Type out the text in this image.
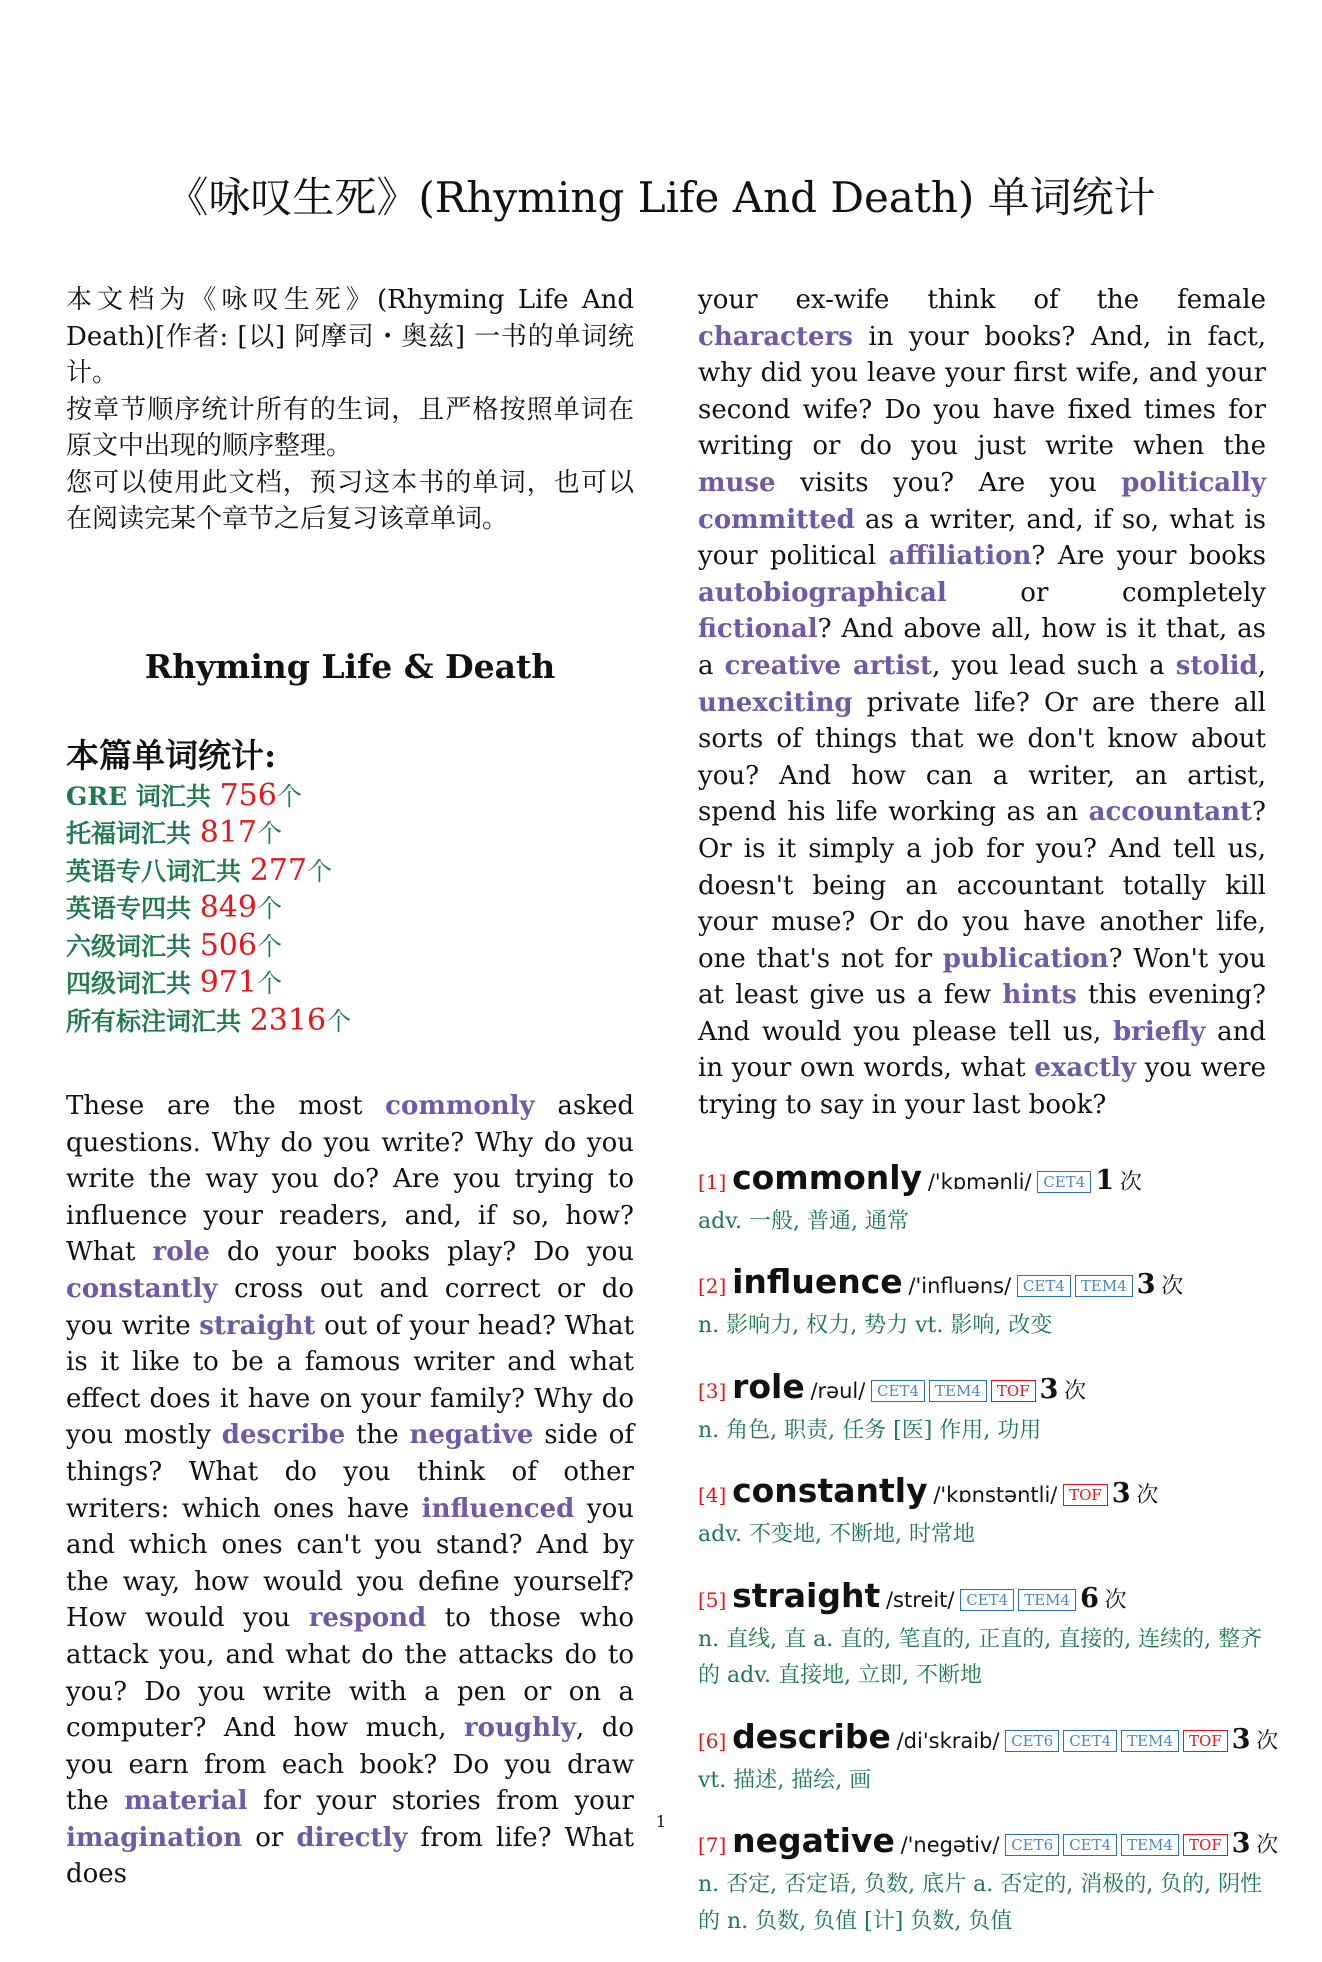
《咏叹生死》(Rhyming Life And Death) 单词统计

本文档为《咏叹生死》(Rhyming Life And Death)[作者: [以] 阿摩司・奥兹] 一书的单词统计。

按章节顺序统计所有的生词，且严格按照单词在原文中出现的顺序整理。

您可以使用此文档，预习这本书的单词，也可以在阅读完某个章节之后复习该章单词。

Rhyming Life & Death
本篇单词统计:
GRE 词汇共 756个
托福词汇共 817个
英语专八词汇共 277个
英语专四共 849个
六级词汇共 506个
四级词汇共 971个
所有标注词汇共 2316个

These are the most commonly asked questions. Why do you write? Why do you write the way you do? Are you trying to influence your readers, and, if so, how? What role do your books play? Do you constantly cross out and correct or do you write straight out of your head? What is it like to be a famous writer and what effect does it have on your family? Why do you mostly describe the negative side of things? What do you think of other writers: which ones have influenced you and which ones can't you stand? And by the way, how would you define yourself? How would you respond to those who attack you, and what do the attacks do to you? Do you write with a pen or on a computer? And how much, roughly, do you earn from each book? Do you draw the material for your stories from your imagination or directly from life? What does

your ex-wife think of the female characters in your books? And, in fact, why did you leave your first wife, and your second wife? Do you have fixed times for writing or do you just write when the muse visits you? Are you politically committed as a writer, and, if so, what is your political affiliation? Are your books autobiographical or completely fictional? And above all, how is it that, as a creative artist, you lead such a stolid, unexciting private life? Or are there all sorts of things that we don't know about you? And how can a writer, an artist, spend his life working as an accountant? Or is it simply a job for you? And tell us, doesn't being an accountant totally kill your muse? Or do you have another life, one that's not for publication? Won't you at least give us a few hints this evening? And would you please tell us, briefly and in your own words, what exactly you were trying to say in your last book?

[1] commonly /'kɒmənli/ CET4 1 次
adv. 一般, 普通, 通常
[2] influence /'influəns/ CET4 TEM4 3 次
n. 影响力, 权力, 势力 vt. 影响, 改变
[3] role /rəul/ CET4 TEM4 TOF 3 次
n. 角色, 职责, 任务 [医] 作用, 功用
[4] constantly /'kɒnstəntli/ TOF 3 次
adv. 不变地, 不断地, 时常地
[5] straight /streit/ CET4 TEM4 6 次
n. 直线, 直 a. 直的, 笔直的, 正直的, 直接的, 连续的, 整齐的 adv. 直接地, 立即, 不断地
[6] describe /di'skraib/ CET6 CET4 TEM4 TOF 3 次
vt. 描述, 描绘, 画
[7] negative /'negətiv/ CET6 CET4 TEM4 TOF 3 次
n. 否定, 否定语, 负数, 底片 a. 否定的, 消极的, 负的, 阴性的 n. 负数, 负值 [计] 负数, 负值
1
